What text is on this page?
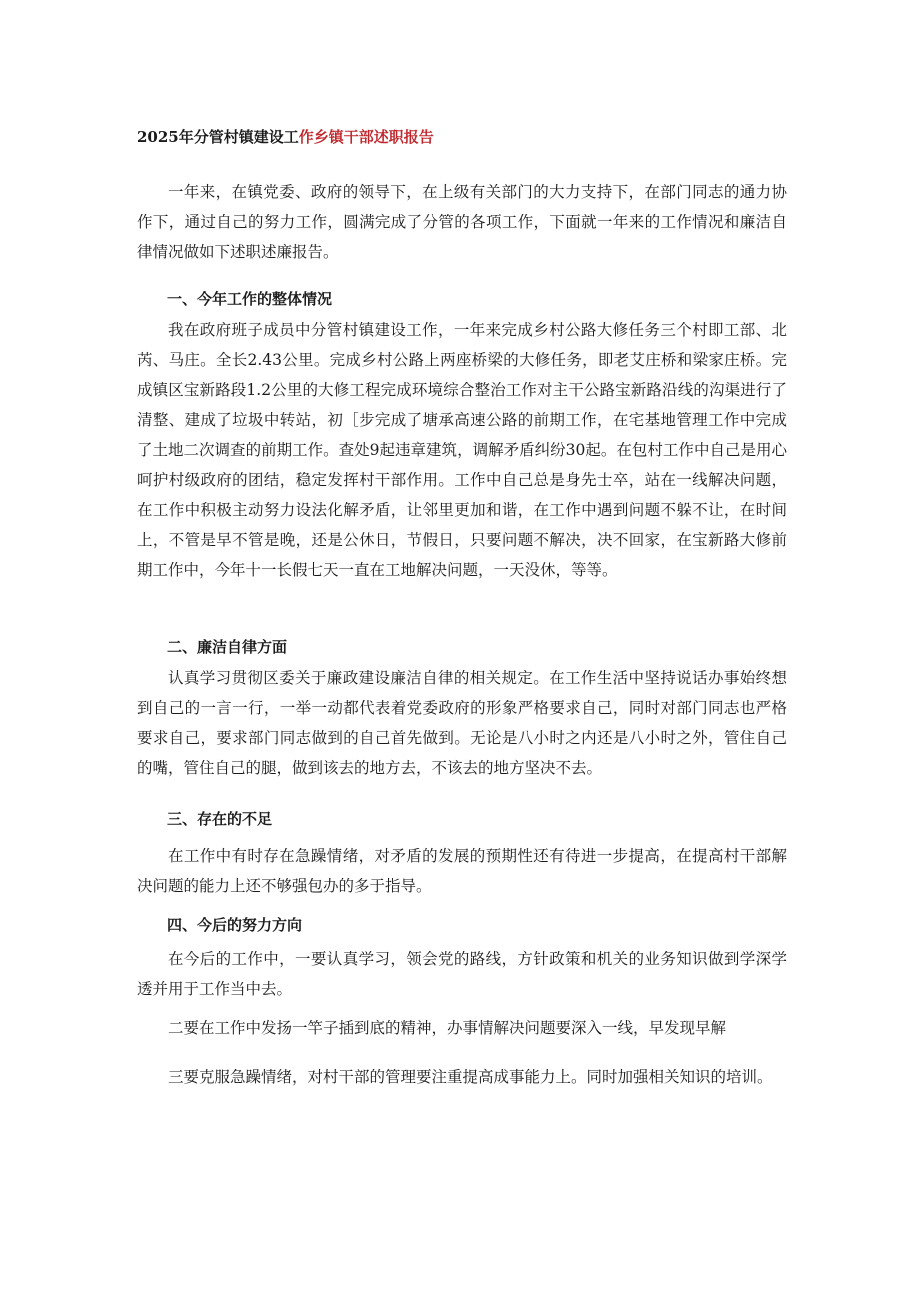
2025年分管村镇建设工作乡镇干部述职报告

一年来，在镇党委、政府的领导下，在上级有关部门的大力支持下，在部门同志的通力协作下，通过自己的努力工作，圆满完成了分管的各项工作，下面就一年来的工作情况和廉洁自律情况做如下述职述廉报告。

一、今年工作的整体情况

我在政府班子成员中分管村镇建设工作，一年来完成乡村公路大修任务三个村即工部、北芮、马庄。全长2.43公里。完成乡村公路上两座桥梁的大修任务，即老艾庄桥和梁家庄桥。完成镇区宝新路段1.2公里的大修工程完成环境综合整治工作对主干公路宝新路沿线的沟渠进行了清整、建成了垃圾中转站，初［步完成了塘承高速公路的前期工作，在宅基地管理工作中完成了土地二次调查的前期工作。查处9起违章建筑，调解矛盾纠纷30起。在包村工作中自己是用心呵护村级政府的团结，稳定发挥村干部作用。工作中自己总是身先士卒，站在一线解决问题，在工作中积极主动努力设法化解矛盾，让邻里更加和谐，在工作中遇到问题不躲不让，在时间上，不管是早不管是晚，还是公休日，节假日，只要问题不解决，决不回家，在宝新路大修前期工作中，今年十一长假七天一直在工地解决问题，一天没休，等等。

二、廉洁自律方面

认真学习贯彻区委关于廉政建设廉洁自律的相关规定。在工作生活中坚持说话办事始终想到自己的一言一行，一举一动都代表着党委政府的形象严格要求自己，同时对部门同志也严格要求自己，要求部门同志做到的自己首先做到。无论是八小时之内还是八小时之外，管住自己的嘴，管住自己的腿，做到该去的地方去，不该去的地方坚决不去。

三、存在的不足

在工作中有时存在急躁情绪，对矛盾的发展的预期性还有待进一步提高，在提高村干部解决问题的能力上还不够强包办的多于指导。

四、今后的努力方向

在今后的工作中，一要认真学习，领会党的路线，方针政策和机关的业务知识做到学深学透并用于工作当中去。

二要在工作中发扬一竿子插到底的精神，办事情解决问题要深入一线，早发现早解

三要克服急躁情绪，对村干部的管理要注重提高成事能力上。同时加强相关知识的培训。
